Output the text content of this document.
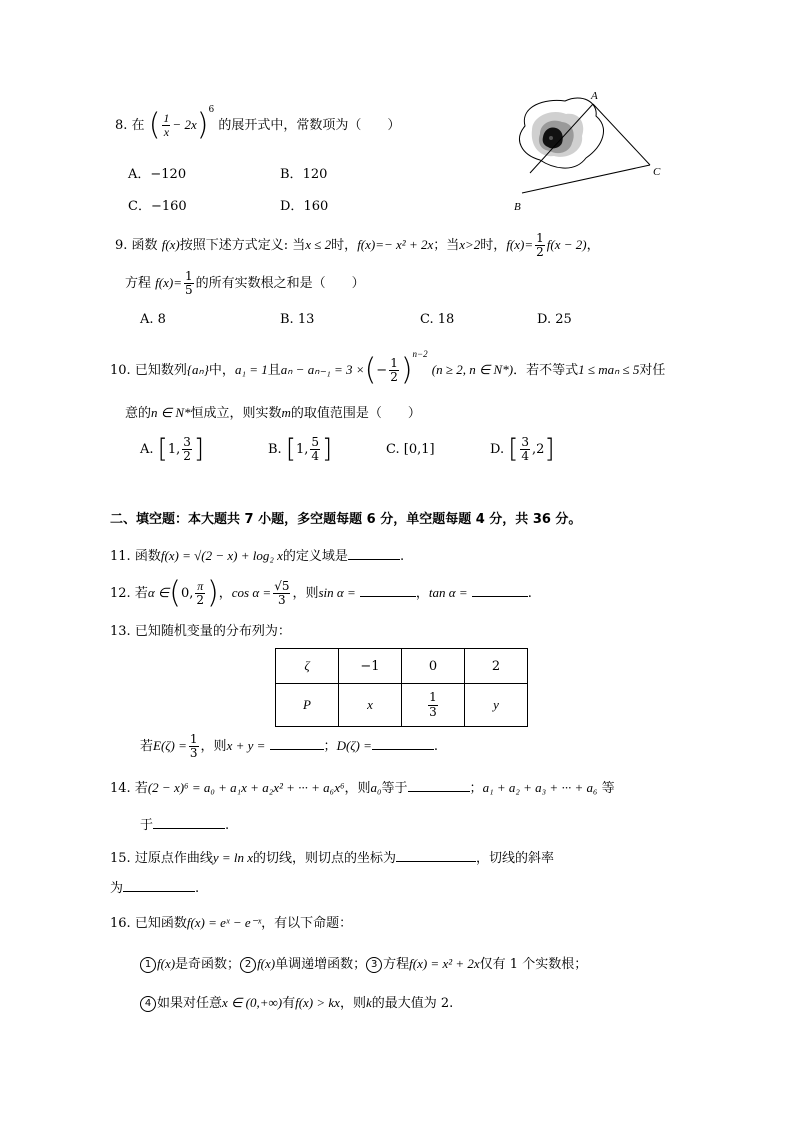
8. 在 ( $\frac{1}{x} - 2x)^6$ 的展开式中，常数项为（　　）
A．−120	B．120
C．−160	D．160
A
B
C
9. 函数 f(x)按照下述方式定义: 当x ≤ 2时，f(x)=− x² + 2x；当x>2时，$f(x)= \frac{1}{2} f(x - 2)$，
方程 $f(x)= \frac{1}{5}$ 的所有实数根之和是（　　）
A. 8	B. 13	C. 18	D. 25
10. 已知数列{aₙ}中，a₁ = 1且aₙ − aₙ₋₁ = 3 ×(− $\frac{1}{2} )^{n-2}$ (n ≥ 2, n ∈ N*)．若不等式1 ≤ maₙ ≤ 5对任
意的n ∈ N*恒成立，则实数m的取值范围是（　　）
A. [1, $\frac{3}{2}$ ]	B. [1, $\frac{5}{4}$ ]	C. [0,1]	D. [ $\frac{3}{4} ,2$]
二、填空题：本大题共 7 小题，多空题每题 6 分，单空题每题 4 分，共 36 分。
11. 函数f(x) = √(2 − x) + log₂ x的定义域是	.
12. 若α ∈(0, $\frac{\pi}{2}$ )，$\cos \alpha = \frac{√5}{3}$ ，则sin α =	，tan α =	.
13. 已知随机变量的分布列为：
ζ	−1	0	2
P	x	$\frac{1}{3}$	y
若$E(\zeta) = \frac{1}{3}$ ，则x + y =	；D(ζ) =	.
14. 若(2 − x)⁶ = a₀ + a₁x + a₂x² + ··· + a₆x⁶，则a₀等于	；a₁ + a₂ + a₃ + ··· + a₆ 等
于	.
15. 过原点作曲线y = ln x的切线，则切点的坐标为	，切线的斜率
为	.
16. 已知函数f(x) = eˣ − e⁻ˣ，有以下命题：
1 f(x)是奇函数； 2 f(x)单调递增函数； 3 方程f(x) = x² + 2x仅有 1 个实数根；
4 如果对任意x ∈ (0,+∞)有f(x) > kx，则k的最大值为 2.
